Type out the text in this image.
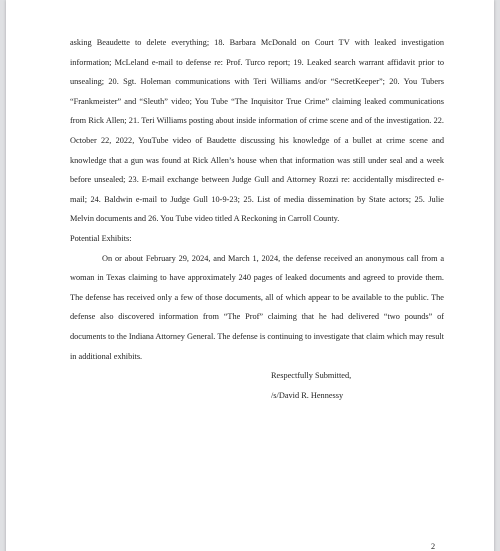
asking Beaudette to delete everything; 18. Barbara McDonald on Court TV with leaked investigation information; McLeland e-mail to defense re: Prof. Turco report; 19. Leaked search warrant affidavit prior to unsealing; 20. Sgt. Holeman communications with Teri Williams and/or “SecretKeeper”; 20. You Tubers “Frankmeister” and “Sleuth” video; You Tube “The Inquisitor True Crime” claiming leaked communications from Rick Allen; 21. Teri Williams posting about inside information of crime scene and of the investigation. 22. October 22, 2022, YouTube video of Baudette discussing his knowledge of a bullet at crime scene and knowledge that a gun was found at Rick Allen’s house when that information was still under seal and a week before unsealed; 23. E-mail exchange between Judge Gull and Attorney Rozzi re: accidentally misdirected e-mail; 24. Baldwin e-mail to Judge Gull 10-9-23; 25. List of media dissemination by State actors; 25. Julie Melvin documents and 26. You Tube video titled A Reckoning in Carroll County.

Potential Exhibits:

On or about February 29, 2024, and March 1, 2024, the defense received an anonymous call from a woman in Texas claiming to have approximately 240 pages of leaked documents and agreed to provide them. The defense has received only a few of those documents, all of which appear to be available to the public. The defense also discovered information from “The Prof” claiming that he had delivered “two pounds” of documents to the Indiana Attorney General. The defense is continuing to investigate that claim which may result in additional exhibits.

Respectfully Submitted,

/s/David R. Hennessy

2
